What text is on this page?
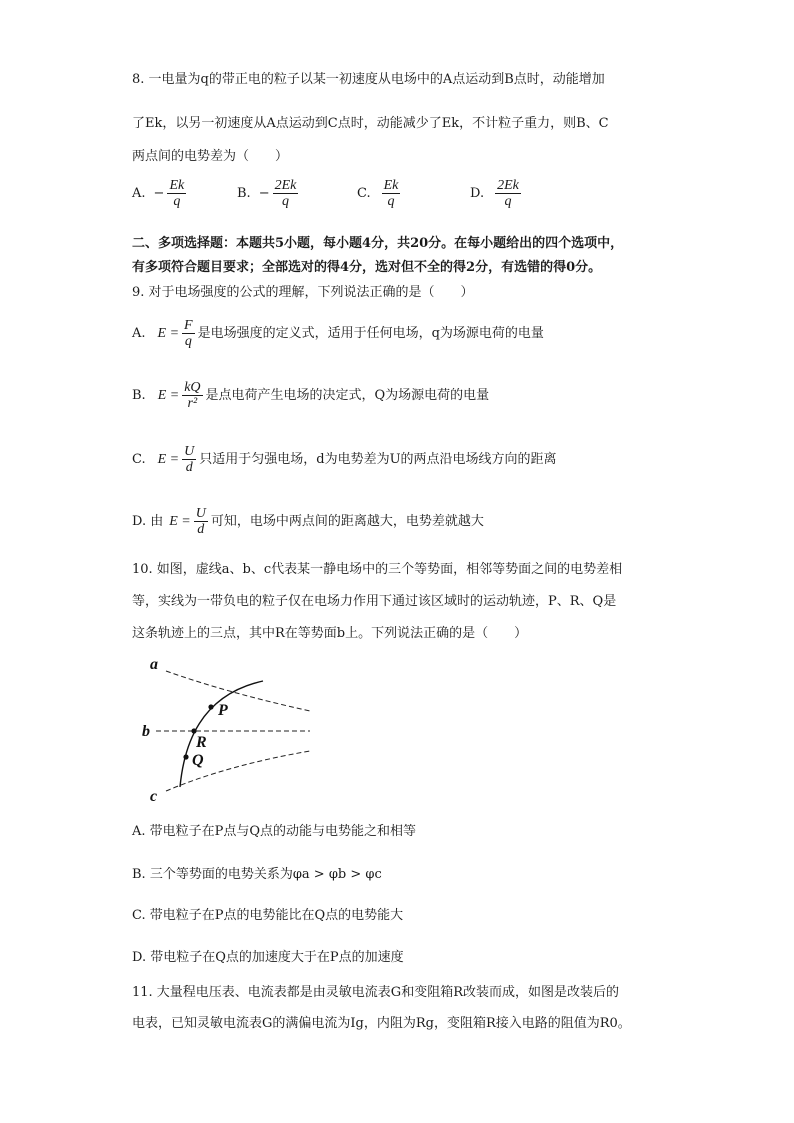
8. 一电量为q的带正电的粒子以某一初速度从电场中的A点运动到B点时，动能增加
了Ek，以另一初速度从A点运动到C点时，动能减少了Ek，不计粒子重力，则B、C
两点间的电势差为（　　）
A. − $\frac{Ek}{q}$	B. − $\frac{2Ek}{q}$	C. $\frac{Ek}{q}$	D. $\frac{2Ek}{q}$
二、多项选择题：本题共5小题，每小题4分，共20分。在每小题给出的四个选项中，
有多项符合题目要求；全部选对的得4分，选对但不全的得2分，有选错的得0分。
9. 对于电场强度的公式的理解，下列说法正确的是（　　）
A. $E = \frac{F}{q}$ 是电场强度的定义式，适用于任何电场，q为场源电荷的电量
B. $E = \frac{kQ}{\text{r²}}$ 是点电荷产生电场的决定式，Q为场源电荷的电量
C. $E = \frac{U}{d}$ 只适用于匀强电场，d为电势差为U的两点沿电场线方向的距离
D. 由 $E = \frac{U}{d}$ 可知，电场中两点间的距离越大，电势差就越大
10. 如图，虚线a、b、c代表某一静电场中的三个等势面，相邻等势面之间的电势差相
等，实线为一带负电的粒子仅在电场力作用下通过该区域时的运动轨迹，P、R、Q是
这条轨迹上的三点，其中R在等势面b上。下列说法正确的是（　　）
a
b
c
P
R
Q
A. 带电粒子在P点与Q点的动能与电势能之和相等
B. 三个等势面的电势关系为φa > φb > φc
C. 带电粒子在P点的电势能比在Q点的电势能大
D. 带电粒子在Q点的加速度大于在P点的加速度
11. 大量程电压表、电流表都是由灵敏电流表G和变阻箱R改装而成，如图是改装后的
电表，已知灵敏电流表G的满偏电流为Ig，内阻为Rg，变阻箱R接入电路的阻值为R0。
